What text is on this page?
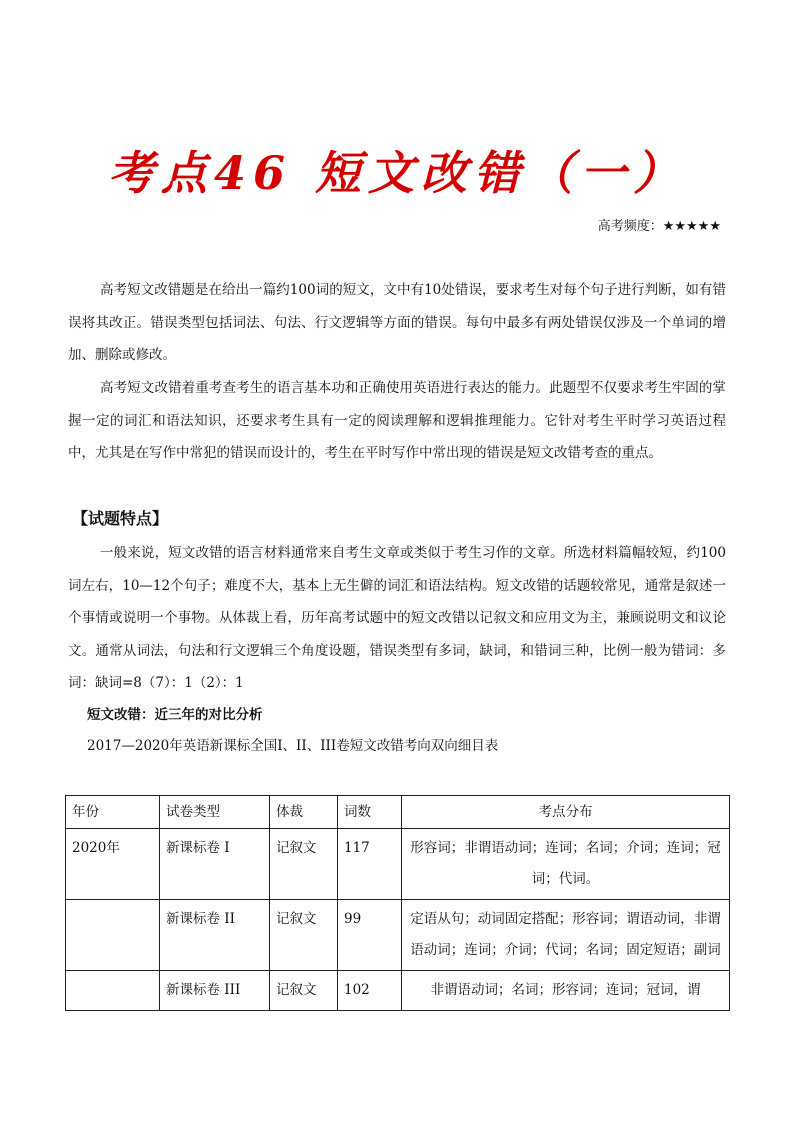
考点46 短文改错（一）
高考频度：★★★★★

高考短文改错题是在给出一篇约100词的短文，文中有10处错误，要求考生对每个句子进行判断，如有错误将其改正。错误类型包括词法、句法、行文逻辑等方面的错误。每句中最多有两处错误仅涉及一个单词的增加、删除或修改。

高考短文改错着重考查考生的语言基本功和正确使用英语进行表达的能力。此题型不仅要求考生牢固的掌握一定的词汇和语法知识，还要求考生具有一定的阅读理解和逻辑推理能力。它针对考生平时学习英语过程中，尤其是在写作中常犯的错误而设计的，考生在平时写作中常出现的错误是短文改错考查的重点。

【试题特点】

一般来说，短文改错的语言材料通常来自考生文章或类似于考生习作的文章。所选材料篇幅较短，约100词左右，10—12个句子；难度不大，基本上无生僻的词汇和语法结构。短文改错的话题较常见，通常是叙述一个事情或说明一个事物。从体裁上看，历年高考试题中的短文改错以记叙文和应用文为主，兼顾说明文和议论文。通常从词法，句法和行文逻辑三个角度设题，错误类型有多词，缺词，和错词三种，比例一般为错词：多词：缺词=8（7）：1（2）：1

短文改错：近三年的对比分析
2017—2020年英语新课标全国I、II、III卷短文改错考向双向细目表
年份	试卷类型	体裁	词数	考点分布
2020年	新课标卷 I	记叙文	117	形容词；非谓语动词；连词；名词；介词；连词；冠词；代词。
	新课标卷 II	记叙文	99	定语从句；动词固定搭配；形容词；谓语动词，非谓语动词；连词；介词；代词；名词；固定短语；副词
	新课标卷 III	记叙文	102	非谓语动词；名词；形容词；连词；冠词，谓
